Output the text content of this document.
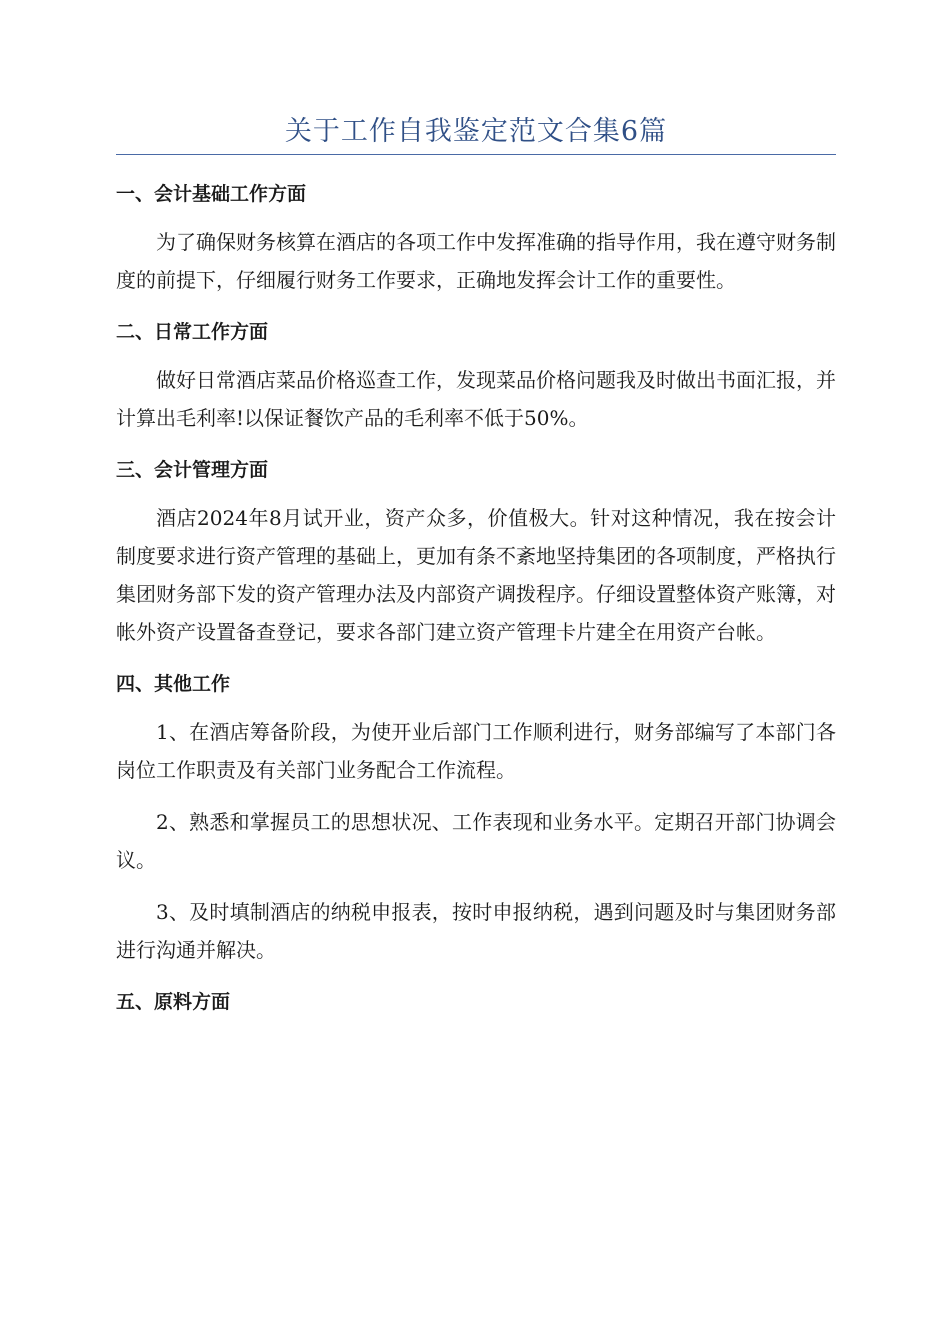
关于工作自我鉴定范文合集6篇
一、会计基础工作方面

为了确保财务核算在酒店的各项工作中发挥准确的指导作用，我在遵守财务制度的前提下，仔细履行财务工作要求，正确地发挥会计工作的重要性。

二、日常工作方面

做好日常酒店菜品价格巡查工作，发现菜品价格问题我及时做出书面汇报，并计算出毛利率!以保证餐饮产品的毛利率不低于50%。

三、会计管理方面

酒店2024年8月试开业，资产众多，价值极大。针对这种情况，我在按会计制度要求进行资产管理的基础上，更加有条不紊地坚持集团的各项制度，严格执行集团财务部下发的资产管理办法及内部资产调拨程序。仔细设置整体资产账簿，对帐外资产设置备查登记，要求各部门建立资产管理卡片建全在用资产台帐。

四、其他工作

1、在酒店筹备阶段，为使开业后部门工作顺利进行，财务部编写了本部门各岗位工作职责及有关部门业务配合工作流程。

2、熟悉和掌握员工的思想状况、工作表现和业务水平。定期召开部门协调会议。

3、及时填制酒店的纳税申报表，按时申报纳税，遇到问题及时与集团财务部进行沟通并解决。

五、原料方面
